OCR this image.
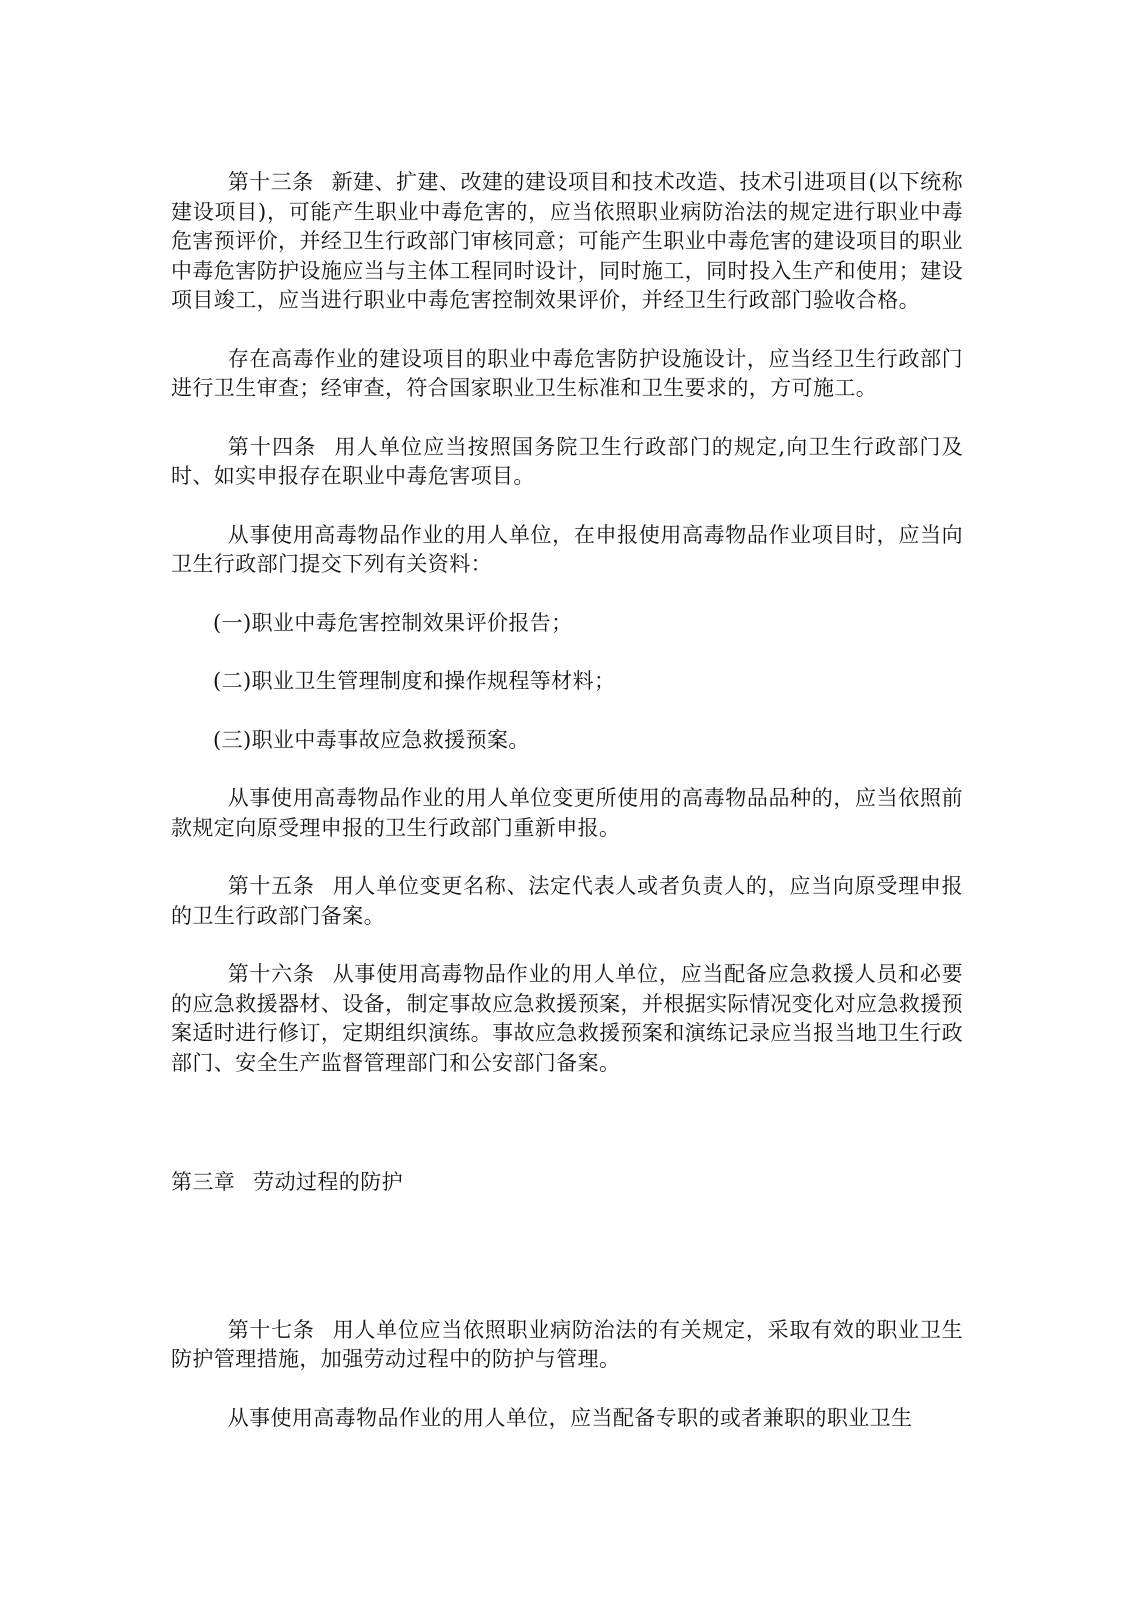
第十三条 新建、扩建、改建的建设项目和技术改造、技术引进项目(以下统称建设项目)，可能产生职业中毒危害的，应当依照职业病防治法的规定进行职业中毒危害预评价，并经卫生行政部门审核同意；可能产生职业中毒危害的建设项目的职业中毒危害防护设施应当与主体工程同时设计，同时施工，同时投入生产和使用；建设项目竣工，应当进行职业中毒危害控制效果评价，并经卫生行政部门验收合格。

存在高毒作业的建设项目的职业中毒危害防护设施设计，应当经卫生行政部门进行卫生审查；经审查，符合国家职业卫生标准和卫生要求的，方可施工。

第十四条 用人单位应当按照国务院卫生行政部门的规定,向卫生行政部门及时、如实申报存在职业中毒危害项目。

从事使用高毒物品作业的用人单位，在申报使用高毒物品作业项目时，应当向卫生行政部门提交下列有关资料：

(一)职业中毒危害控制效果评价报告；

(二)职业卫生管理制度和操作规程等材料；

(三)职业中毒事故应急救援预案。

从事使用高毒物品作业的用人单位变更所使用的高毒物品品种的，应当依照前款规定向原受理申报的卫生行政部门重新申报。

第十五条 用人单位变更名称、法定代表人或者负责人的，应当向原受理申报的卫生行政部门备案。

第十六条 从事使用高毒物品作业的用人单位，应当配备应急救援人员和必要的应急救援器材、设备，制定事故应急救援预案，并根据实际情况变化对应急救援预案适时进行修订，定期组织演练。事故应急救援预案和演练记录应当报当地卫生行政部门、安全生产监督管理部门和公安部门备案。

第三章 劳动过程的防护

第十七条 用人单位应当依照职业病防治法的有关规定，采取有效的职业卫生防护管理措施，加强劳动过程中的防护与管理。

从事使用高毒物品作业的用人单位，应当配备专职的或者兼职的职业卫生
